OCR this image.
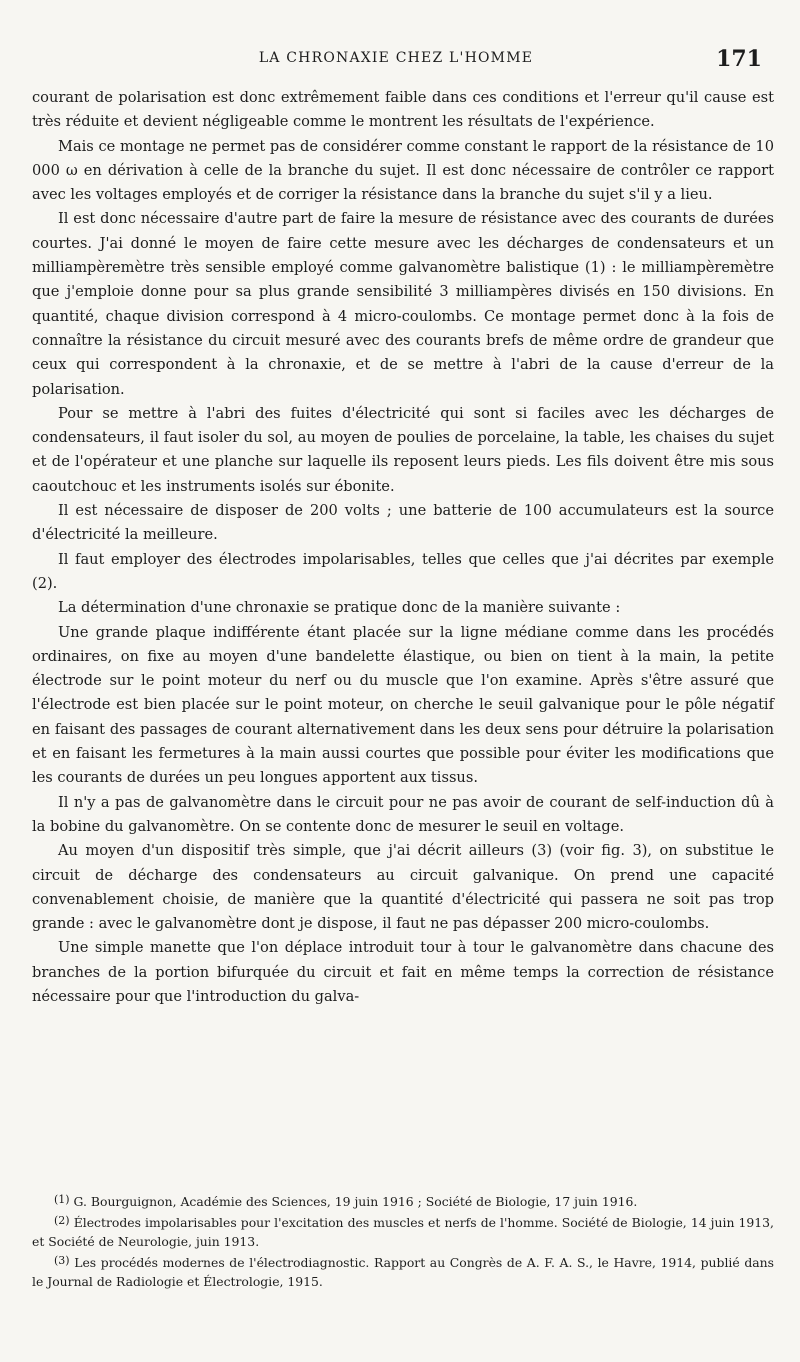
LA CHRONAXIE CHEZ L'HOMME	171

courant de polarisation est donc extrêmement faible dans ces conditions et l'erreur qu'il cause est très réduite et devient négligeable comme le montrent les résultats de l'expérience.

Mais ce montage ne permet pas de considérer comme constant le rapport de la résistance de 10 000 ω en dérivation à celle de la branche du sujet. Il est donc nécessaire de contrôler ce rapport avec les voltages employés et de corriger la résistance dans la branche du sujet s'il y a lieu.

Il est donc nécessaire d'autre part de faire la mesure de résistance avec des courants de durées courtes. J'ai donné le moyen de faire cette mesure avec les décharges de condensateurs et un milliampèremètre très sensible employé comme galvanomètre balistique (1) : le milliampèremètre que j'emploie donne pour sa plus grande sensibilité 3 milliampères divisés en 150 divisions. En quantité, chaque division correspond à 4 micro-coulombs. Ce montage permet donc à la fois de connaître la résistance du circuit mesuré avec des courants brefs de même ordre de grandeur que ceux qui correspondent à la chronaxie, et de se mettre à l'abri de la cause d'erreur de la polarisation.

Pour se mettre à l'abri des fuites d'électricité qui sont si faciles avec les décharges de condensateurs, il faut isoler du sol, au moyen de poulies de porcelaine, la table, les chaises du sujet et de l'opérateur et une planche sur laquelle ils reposent leurs pieds. Les fils doivent être mis sous caoutchouc et les instruments isolés sur ébonite.

Il est nécessaire de disposer de 200 volts ; une batterie de 100 accumulateurs est la source d'électricité la meilleure.

Il faut employer des électrodes impolarisables, telles que celles que j'ai décrites par exemple (2).

La détermination d'une chronaxie se pratique donc de la manière suivante :

Une grande plaque indifférente étant placée sur la ligne médiane comme dans les procédés ordinaires, on fixe au moyen d'une bandelette élastique, ou bien on tient à la main, la petite électrode sur le point moteur du nerf ou du muscle que l'on examine. Après s'être assuré que l'électrode est bien placée sur le point moteur, on cherche le seuil galvanique pour le pôle négatif en faisant des passages de courant alternativement dans les deux sens pour détruire la polarisation et en faisant les fermetures à la main aussi courtes que possible pour éviter les modifications que les courants de durées un peu longues apportent aux tissus.

Il n'y a pas de galvanomètre dans le circuit pour ne pas avoir de courant de self-induction dû à la bobine du galvanomètre. On se contente donc de mesurer le seuil en voltage.

Au moyen d'un dispositif très simple, que j'ai décrit ailleurs (3) (voir fig. 3), on substitue le circuit de décharge des condensateurs au circuit galvanique. On prend une capacité convenablement choisie, de manière que la quantité d'électricité qui passera ne soit pas trop grande : avec le galvanomètre dont je dispose, il faut ne pas dépasser 200 micro-coulombs.

Une simple manette que l'on déplace introduit tour à tour le galvanomètre dans chacune des branches de la portion bifurquée du circuit et fait en même temps la correction de résistance nécessaire pour que l'introduction du galva-

(1) G. Bourguignon, Académie des Sciences, 19 juin 1916 ; Société de Biologie, 17 juin 1916.

(2) Électrodes impolarisables pour l'excitation des muscles et nerfs de l'homme. Société de Biologie, 14 juin 1913, et Société de Neurologie, juin 1913.

(3) Les procédés modernes de l'électrodiagnostic. Rapport au Congrès de A. F. A. S., le Havre, 1914, publié dans le Journal de Radiologie et Électrologie, 1915.
